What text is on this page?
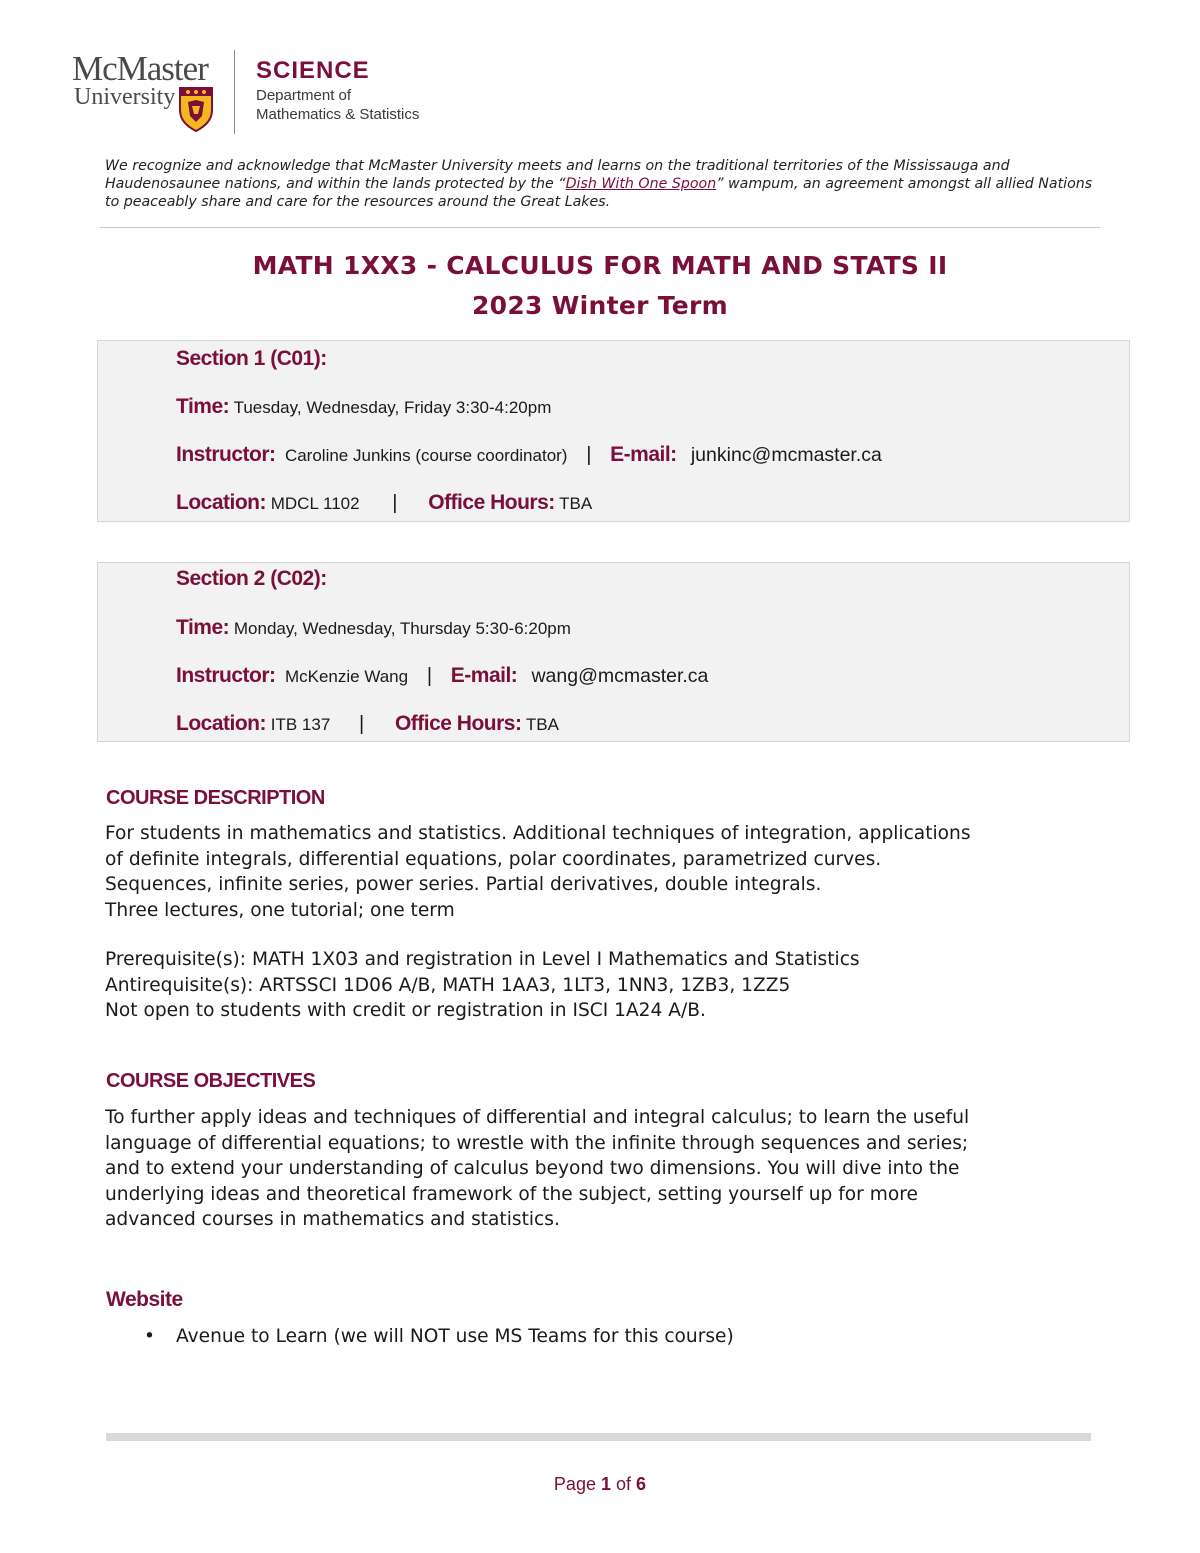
McMaster
University
SCIENCE
Department of
Mathematics & Statistics
We recognize and acknowledge that McMaster University meets and learns on the traditional territories of the Mississauga and Haudenosaunee nations, and within the lands protected by the “Dish With One Spoon” wampum, an agreement amongst all allied Nations to peaceably share and care for the resources around the Great Lakes.
MATH 1XX3 - CALCULUS FOR MATH AND STATS II
2023 Winter Term
Section 1 (C01):
Time: Tuesday, Wednesday, Friday 3:30-4:20pm
Instructor: Caroline Junkins (course coordinator) | E-mail: junkinc@mcmaster.ca
Location: MDCL 1102 | Office Hours: TBA
Section 2 (C02):
Time: Monday, Wednesday, Thursday 5:30-6:20pm
Instructor: McKenzie Wang | E-mail: wang@mcmaster.ca
Location: ITB 137 | Office Hours: TBA
COURSE DESCRIPTION
For students in mathematics and statistics. Additional techniques of integration, applications
of definite integrals, differential equations, polar coordinates, parametrized curves.
Sequences, infinite series, power series. Partial derivatives, double integrals.
Three lectures, one tutorial; one term
Prerequisite(s): MATH 1X03 and registration in Level I Mathematics and Statistics
Antirequisite(s): ARTSSCI 1D06 A/B, MATH 1AA3, 1LT3, 1NN3, 1ZB3, 1ZZ5
Not open to students with credit or registration in ISCI 1A24 A/B.
COURSE OBJECTIVES
To further apply ideas and techniques of differential and integral calculus; to learn the useful
language of differential equations; to wrestle with the infinite through sequences and series;
and to extend your understanding of calculus beyond two dimensions. You will dive into the
underlying ideas and theoretical framework of the subject, setting yourself up for more
advanced courses in mathematics and statistics.
Website
• Avenue to Learn (we will NOT use MS Teams for this course)
Page 1 of 6
